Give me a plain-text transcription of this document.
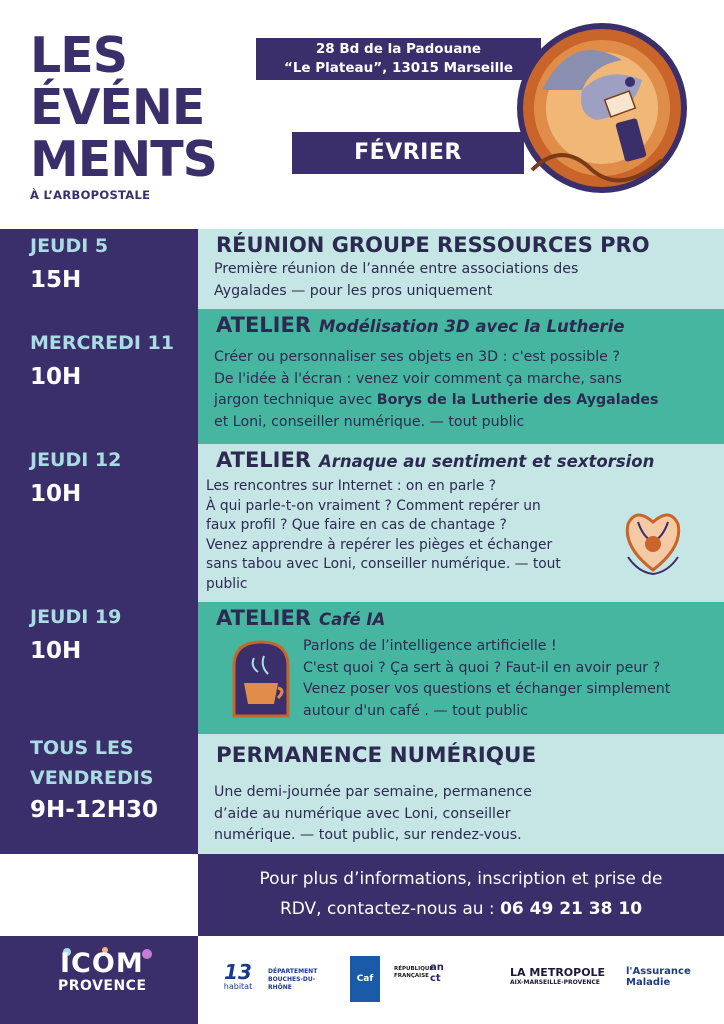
LES
ÉVÉNE
MENTS
À L’ARBOPOSTALE
28 Bd de la Padouane
“Le Plateau”, 13015 Marseille
FÉVRIER
JEUDI 5
15H
MERCREDI 11
10H
JEUDI 12
10H
JEUDI 19
10H
TOUS LES
VENDREDIS
9H-12H30
RÉUNION GROUPE RESSOURCES PRO
Première réunion de l’année entre associations des
Aygalades — pour les pros uniquement
ATELIER Modélisation 3D avec la Lutherie
Créer ou personnaliser ses objets en 3D : c'est possible ?
De l'idée à l'écran : venez voir comment ça marche, sans
jargon technique avec Borys de la Lutherie des Aygalades
et Loni, conseiller numérique. — tout public
ATELIER Arnaque au sentiment et sextorsion
Les rencontres sur Internet : on en parle ?
À qui parle-t-on vraiment ? Comment repérer un
faux profil ? Que faire en cas de chantage ?
Venez apprendre à repérer les pièges et échanger
sans tabou avec Loni, conseiller numérique. — tout
public
ATELIER Café IA
Parlons de l’intelligence artificielle !
C'est quoi ? Ça sert à quoi ? Faut-il en avoir peur ?
Venez poser vos questions et échanger simplement
autour d'un café . — tout public
PERMANENCE NUMÉRIQUE
Une demi-journée par semaine, permanence
d’aide au numérique avec Loni, conseiller
numérique. — tout public, sur rendez-vous.
Pour plus d’informations, inscription et prise de
RDV, contactez-nous au : 06 49 21 38 10
ICOM
PROVENCE
13
habitat
DÉPARTEMENT BOUCHES-DU-RHÔNE
Caf
RÉPUBLIQUE FRANÇAISE
an ct	LA METROPOLE
AIX-MARSEILLE-PROVENCE
l'Assurance
Maladie
